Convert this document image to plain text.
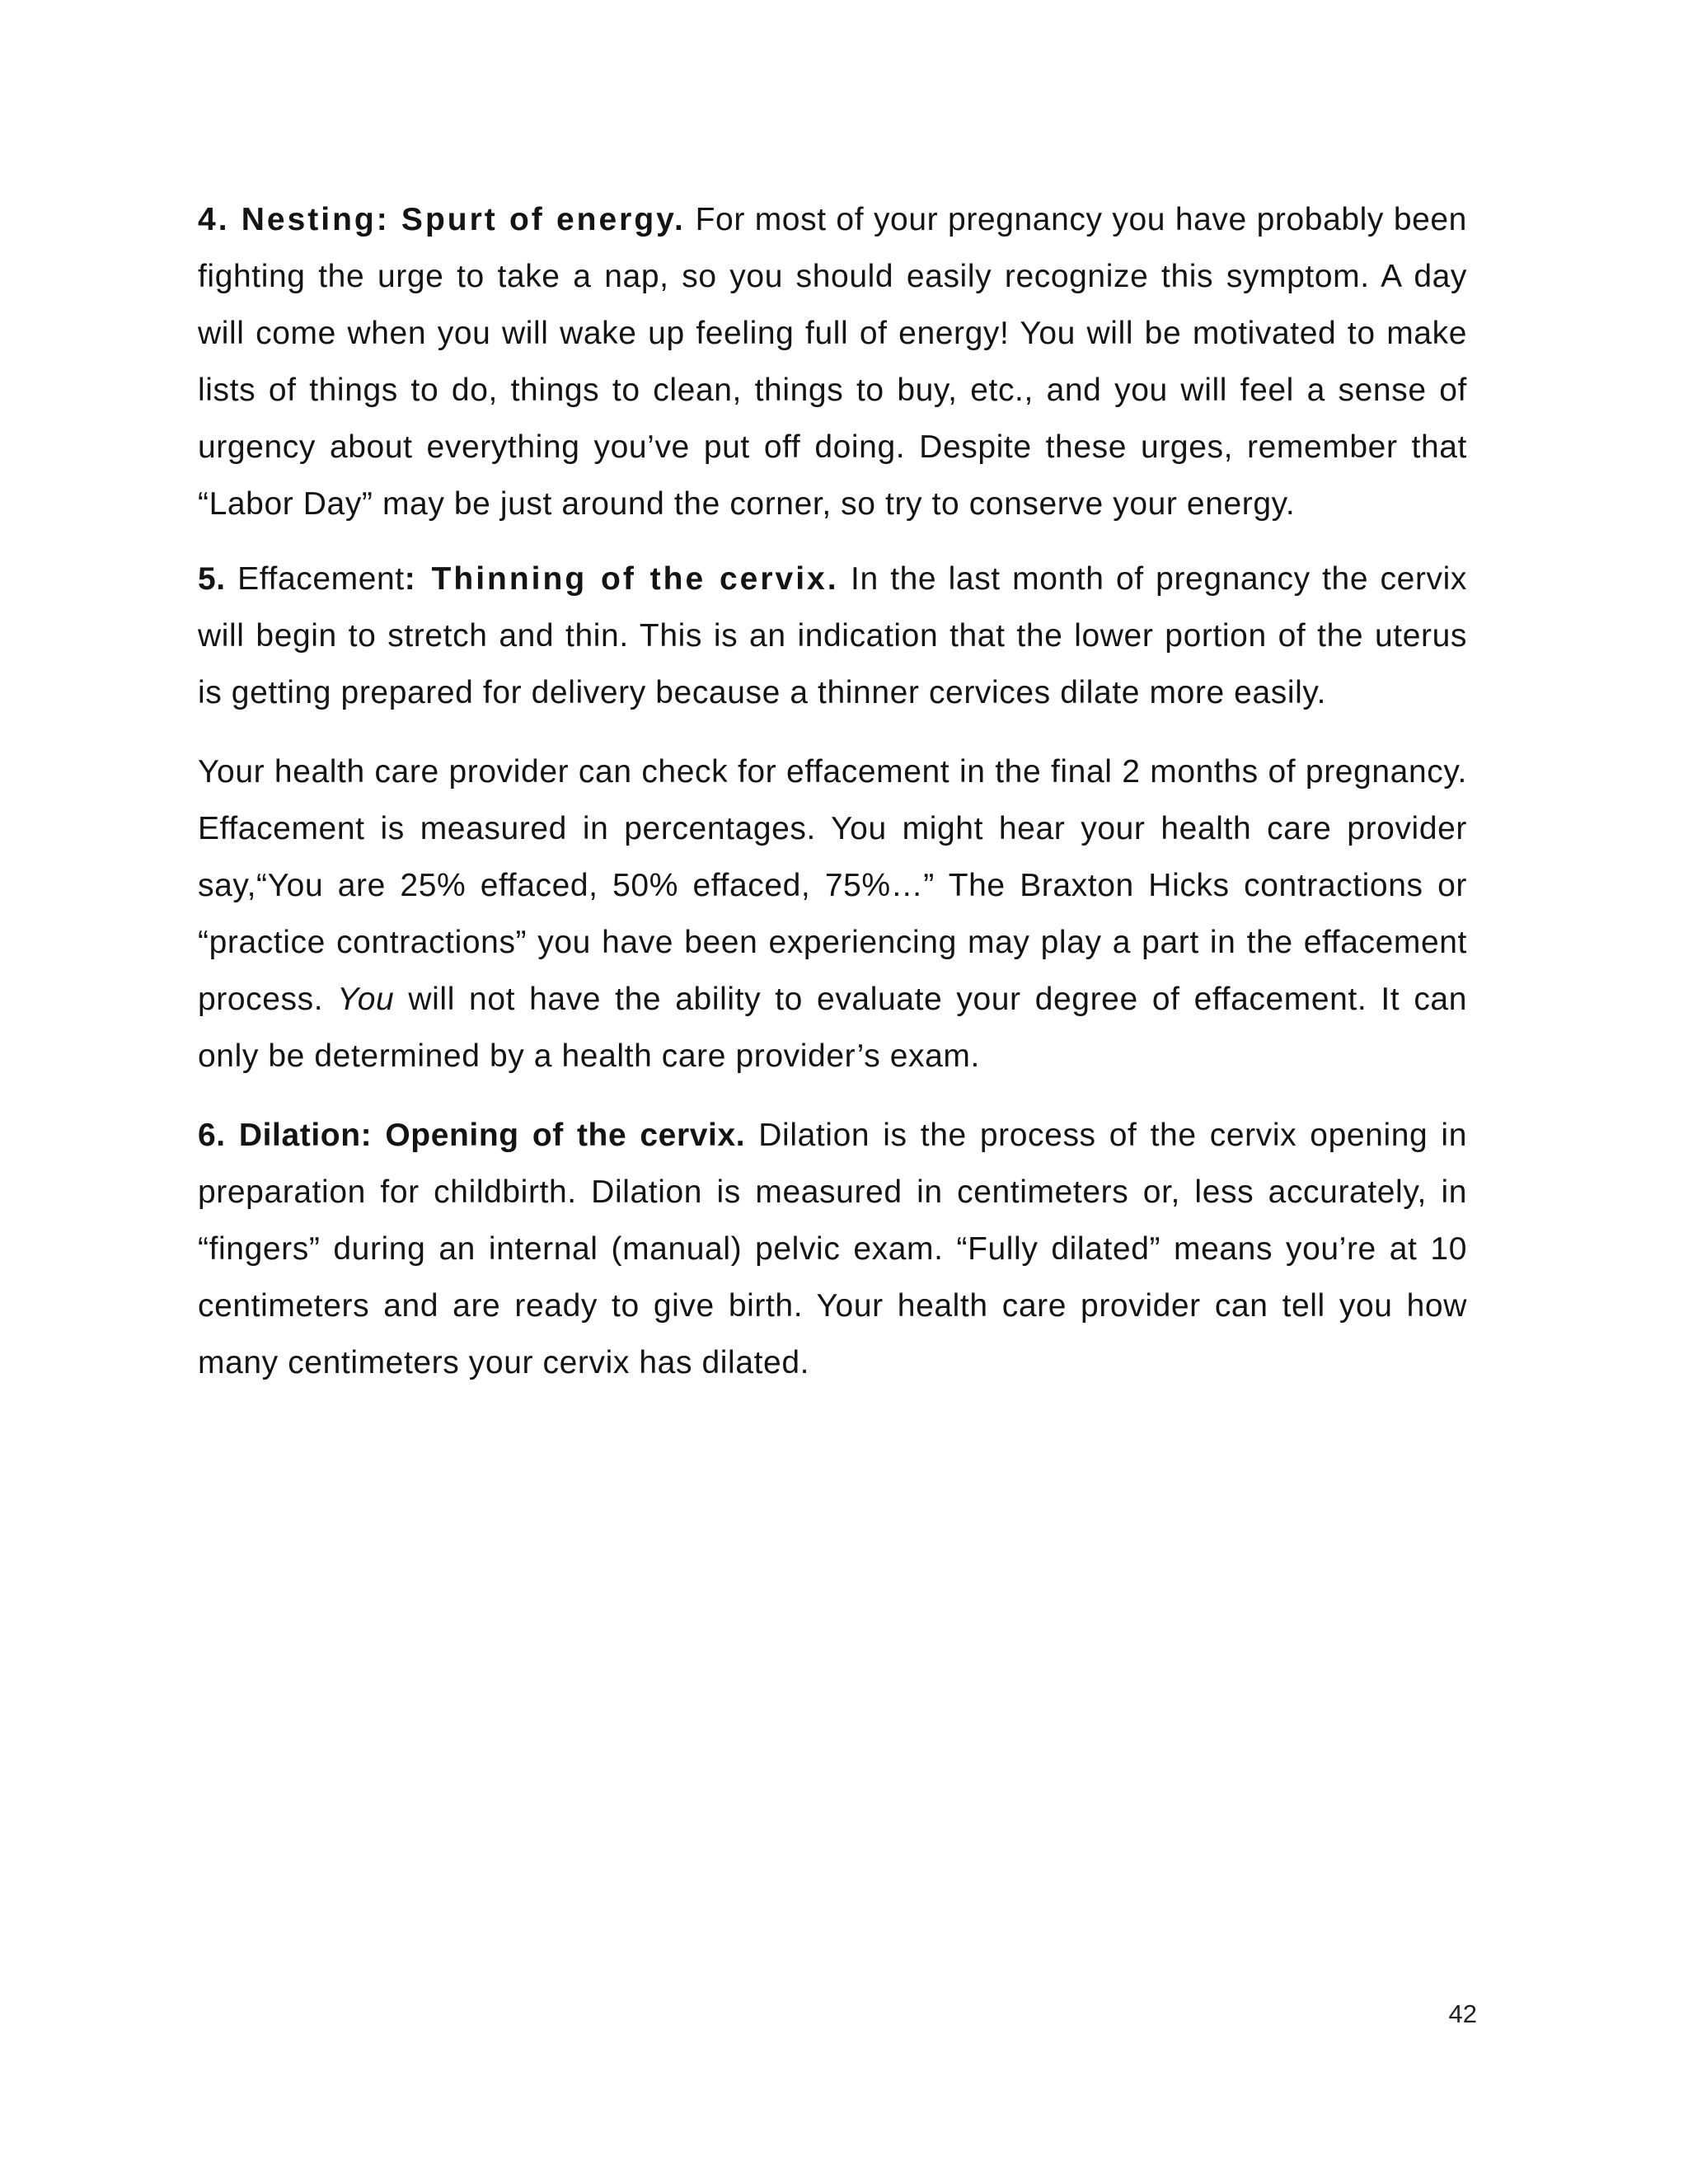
4. Nesting: Spurt of energy. For most of your pregnancy you have probably been fighting the urge to take a nap, so you should easily recognize this symptom. A day will come when you will wake up feeling full of energy! You will be motivated to make lists of things to do, things to clean, things to buy, etc., and you will feel a sense of urgency about everything you’ve put off doing. Despite these urges, remember that “Labor Day” may be just around the corner, so try to conserve your energy.

5. Effacement: Thinning of the cervix. In the last month of pregnancy the cervix will begin to stretch and thin. This is an indication that the lower portion of the uterus is getting prepared for delivery because a thinner cervices dilate more easily.

Your health care provider can check for effacement in the final 2 months of pregnancy. Effacement is measured in percentages. You might hear your health care provider say,“You are 25% effaced, 50% effaced, 75%…” The Braxton Hicks contractions or “practice contractions” you have been experiencing may play a part in the effacement process. You will not have the ability to evaluate your degree of effacement. It can only be determined by a health care provider’s exam.

6. Dilation: Opening of the cervix. Dilation is the process of the cervix opening in preparation for childbirth. Dilation is measured in centimeters or, less accurately, in “fingers” during an internal (manual) pelvic exam. “Fully dilated” means you’re at 10 centimeters and are ready to give birth. Your health care provider can tell you how many centimeters your cervix has dilated.

42
